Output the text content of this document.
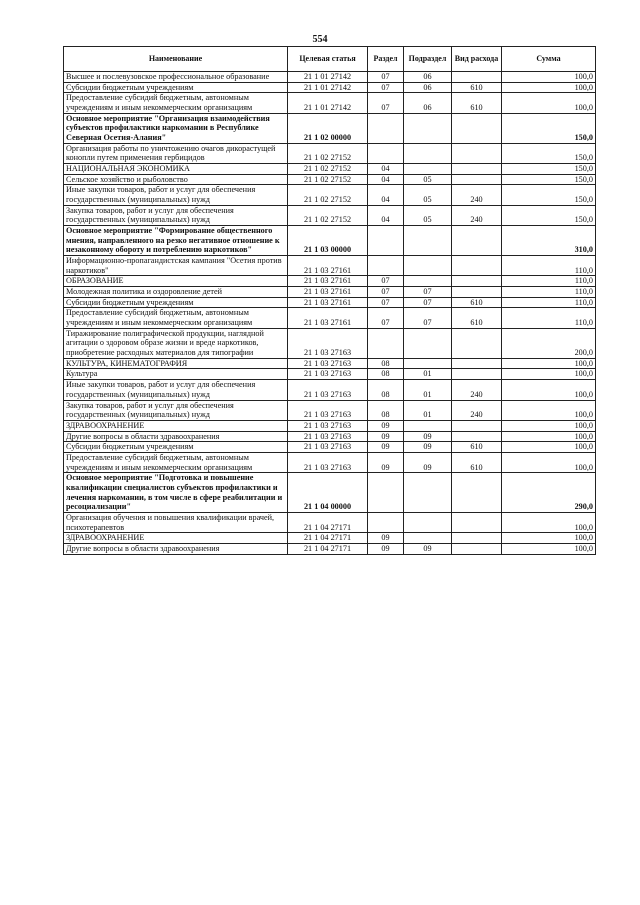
554
Наименование	Целевая статья	Раздел	Подраздел	Вид расхода	Сумма
Высшее и послевузовское профессиональное образование	21 1 01 27142	07	06		100,0
Субсидии бюджетным учреждениям	21 1 01 27142	07	06	610	100,0
Предоставление субсидий бюджетным, автономным учреждениям и иным некоммерческим организациям	21 1 01 27142	07	06	610	100,0
Основное мероприятие "Организация взаимодействия субъектов профилактики наркомании в Республике Северная Осетия-Алания"	21 1 02 00000				150,0
Организация работы по уничтожению очагов дикорастущей конопли путем применения гербицидов	21 1 02 27152				150,0
НАЦИОНАЛЬНАЯ ЭКОНОМИКА	21 1 02 27152	04			150,0
Сельское хозяйство и рыболовство	21 1 02 27152	04	05		150,0
Иные закупки товаров, работ и услуг для обеспечения государственных (муниципальных) нужд	21 1 02 27152	04	05	240	150,0
Закупка товаров, работ и услуг для обеспечения государственных (муниципальных) нужд	21 1 02 27152	04	05	240	150,0
Основное мероприятие "Формирование общественного мнения, направленного на резко негативное отношение к незаконному обороту и потреблению наркотиков"	21 1 03 00000				310,0
Информационно-пропагандистская кампания "Осетия против наркотиков"	21 1 03 27161				110,0
ОБРАЗОВАНИЕ	21 1 03 27161	07			110,0
Молодежная политика и оздоровление детей	21 1 03 27161	07	07		110,0
Субсидии бюджетным учреждениям	21 1 03 27161	07	07	610	110,0
Предоставление субсидий бюджетным, автономным учреждениям и иным некоммерческим организациям	21 1 03 27161	07	07	610	110,0
Тиражирование полиграфической продукции, наглядной агитации о здоровом образе жизни и вреде наркотиков, приобретение расходных материалов для типографии	21 1 03 27163				200,0
КУЛЬТУРА, КИНЕМАТОГРАФИЯ	21 1 03 27163	08			100,0
Культура	21 1 03 27163	08	01		100,0
Иные закупки товаров, работ и услуг для обеспечения государственных (муниципальных) нужд	21 1 03 27163	08	01	240	100,0
Закупка товаров, работ и услуг для обеспечения государственных (муниципальных) нужд	21 1 03 27163	08	01	240	100,0
ЗДРАВООХРАНЕНИЕ	21 1 03 27163	09			100,0
Другие вопросы в области здравоохранения	21 1 03 27163	09	09		100,0
Субсидии бюджетным учреждениям	21 1 03 27163	09	09	610	100,0
Предоставление субсидий бюджетным, автономным учреждениям и иным некоммерческим организациям	21 1 03 27163	09	09	610	100,0
Основное мероприятие "Подготовка и повышение квалификации специалистов субъектов профилактики и лечения наркомании, в том числе в сфере реабилитации и ресоциализации"	21 1 04 00000				290,0
Организация обучения и повышения квалификации врачей, психотерапевтов	21 1 04 27171				100,0
ЗДРАВООХРАНЕНИЕ	21 1 04 27171	09			100,0
Другие вопросы в области здравоохранения	21 1 04 27171	09	09		100,0
